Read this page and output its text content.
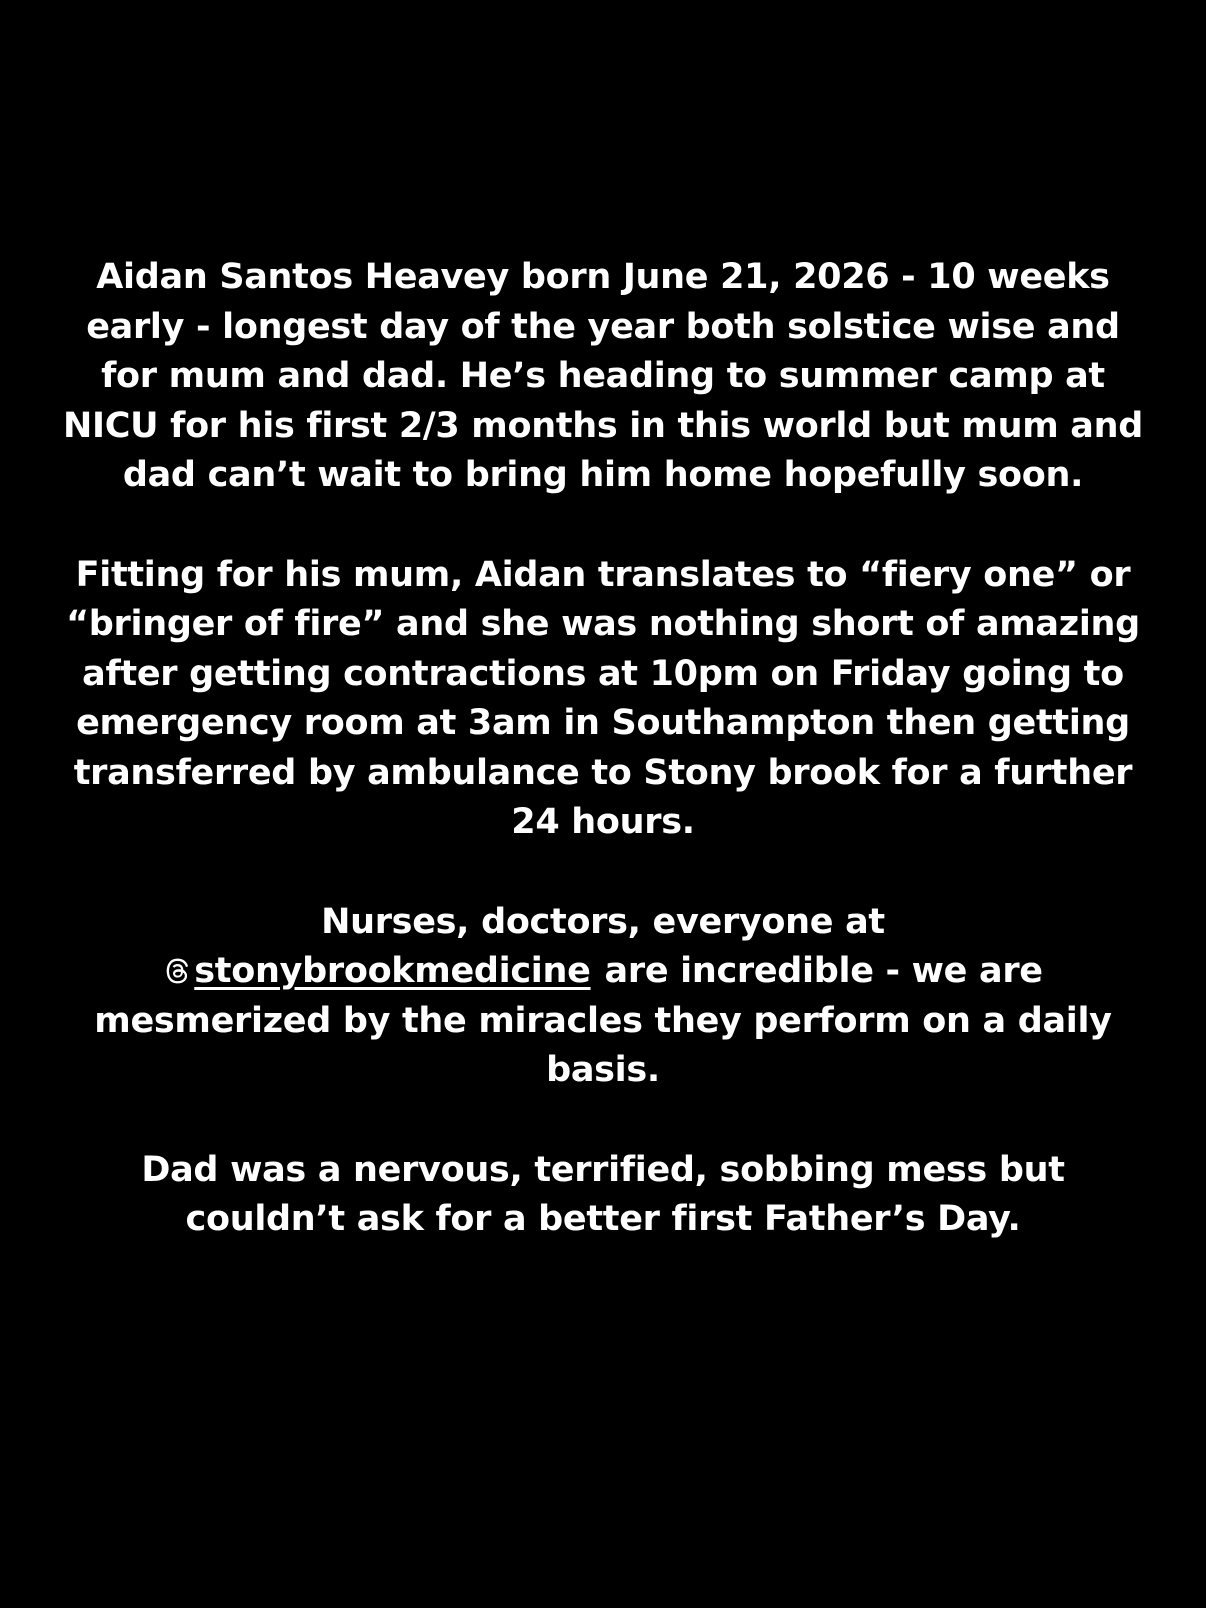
Aidan Santos Heavey born June 21, 2026 - 10 weeks early - longest day of the year both solstice wise and for mum and dad. He’s heading to summer camp at NICU for his first 2/3 months in this world but mum and dad can’t wait to bring him home hopefully soon.

Fitting for his mum, Aidan translates to “fiery one” or “bringer of fire” and she was nothing short of amazing after getting contractions at 10pm on Friday going to emergency room at 3am in Southampton then getting transferred by ambulance to Stony brook for a further 24 hours.

Nurses, doctors, everyone at
stonybrookmedicine are incredible - we are mesmerized by the miracles they perform on a daily basis.

Dad was a nervous, terrified, sobbing mess but couldn’t ask for a better first Father’s Day.
